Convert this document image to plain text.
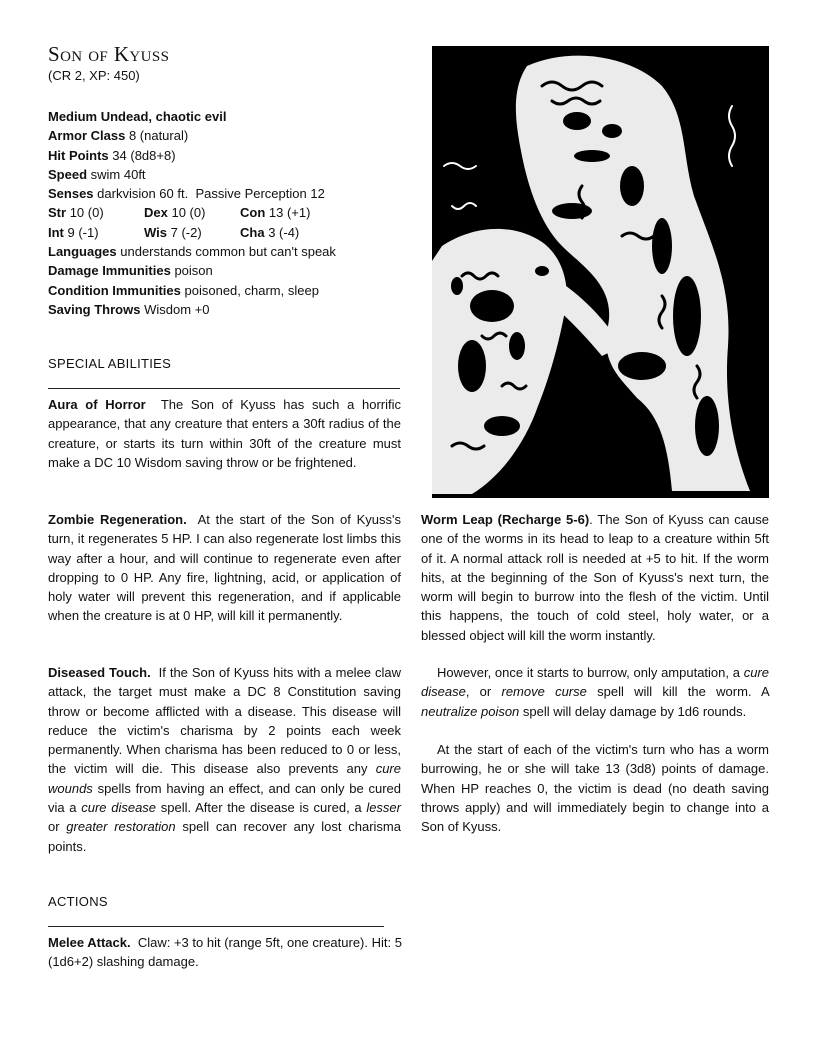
Son of Kyuss
(CR 2, XP: 450)
Medium Undead, chaotic evil
Armor Class 8 (natural)
Hit Points 34 (8d8+8)
Speed swim 40ft
Senses darkvision 60 ft.  Passive Perception 12
Str 10 (0)	Dex 10 (0)	Con 13 (+1)
Int 9 (-1)	Wis 7 (-2)	Cha 3 (-4)
Languages understands common but can't speak
Damage Immunities poison
Condition Immunities poisoned, charm, sleep
Saving Throws Wisdom +0
SPECIAL ABILITIES
Aura of Horror The Son of Kyuss has such a horrific appearance, that any creature that enters a 30ft radius of the creature, or starts its turn within 30ft of the creature must make a DC 10 Wisdom saving throw or be frightened.
Zombie Regeneration. At the start of the Son of Kyuss's turn, it regenerates 5 HP. I can also regenerate lost limbs this way after a hour, and will continue to regenerate even after dropping to 0 HP. Any fire, lightning, acid, or application of holy water will prevent this regeneration, and if applicable when the creature is at 0 HP, will kill it permanently.
Diseased Touch. If the Son of Kyuss hits with a melee claw attack, the target must make a DC 8 Constitution saving throw or become afflicted with a disease. This disease will reduce the victim's charisma by 2 points each week permanently. When charisma has been reduced to 0 or less, the victim will die. This disease also prevents any cure wounds spells from having an effect, and can only be cured via a cure disease spell. After the disease is cured, a lesser or greater restoration spell can recover any lost charisma points.
ACTIONS
Melee Attack. Claw: +3 to hit (range 5ft, one creature). Hit: 5 (1d6+2) slashing damage.
Worm Leap (Recharge 5-6). The Son of Kyuss can cause one of the worms in its head to leap to a creature within 5ft of it. A normal attack roll is needed at +5 to hit. If the worm hits, at the beginning of the Son of Kyuss's next turn, the worm will begin to burrow into the flesh of the victim. Until this happens, the touch of cold steel, holy water, or a blessed object will kill the worm instantly.
However, once it starts to burrow, only amputation, a cure disease, or remove curse spell will kill the worm. A neutralize poison spell will delay damage by 1d6 rounds.
At the start of each of the victim's turn who has a worm burrowing, he or she will take 13 (3d8) points of damage. When HP reaches 0, the victim is dead (no death saving throws apply) and will immediately begin to change into a Son of Kyuss.
